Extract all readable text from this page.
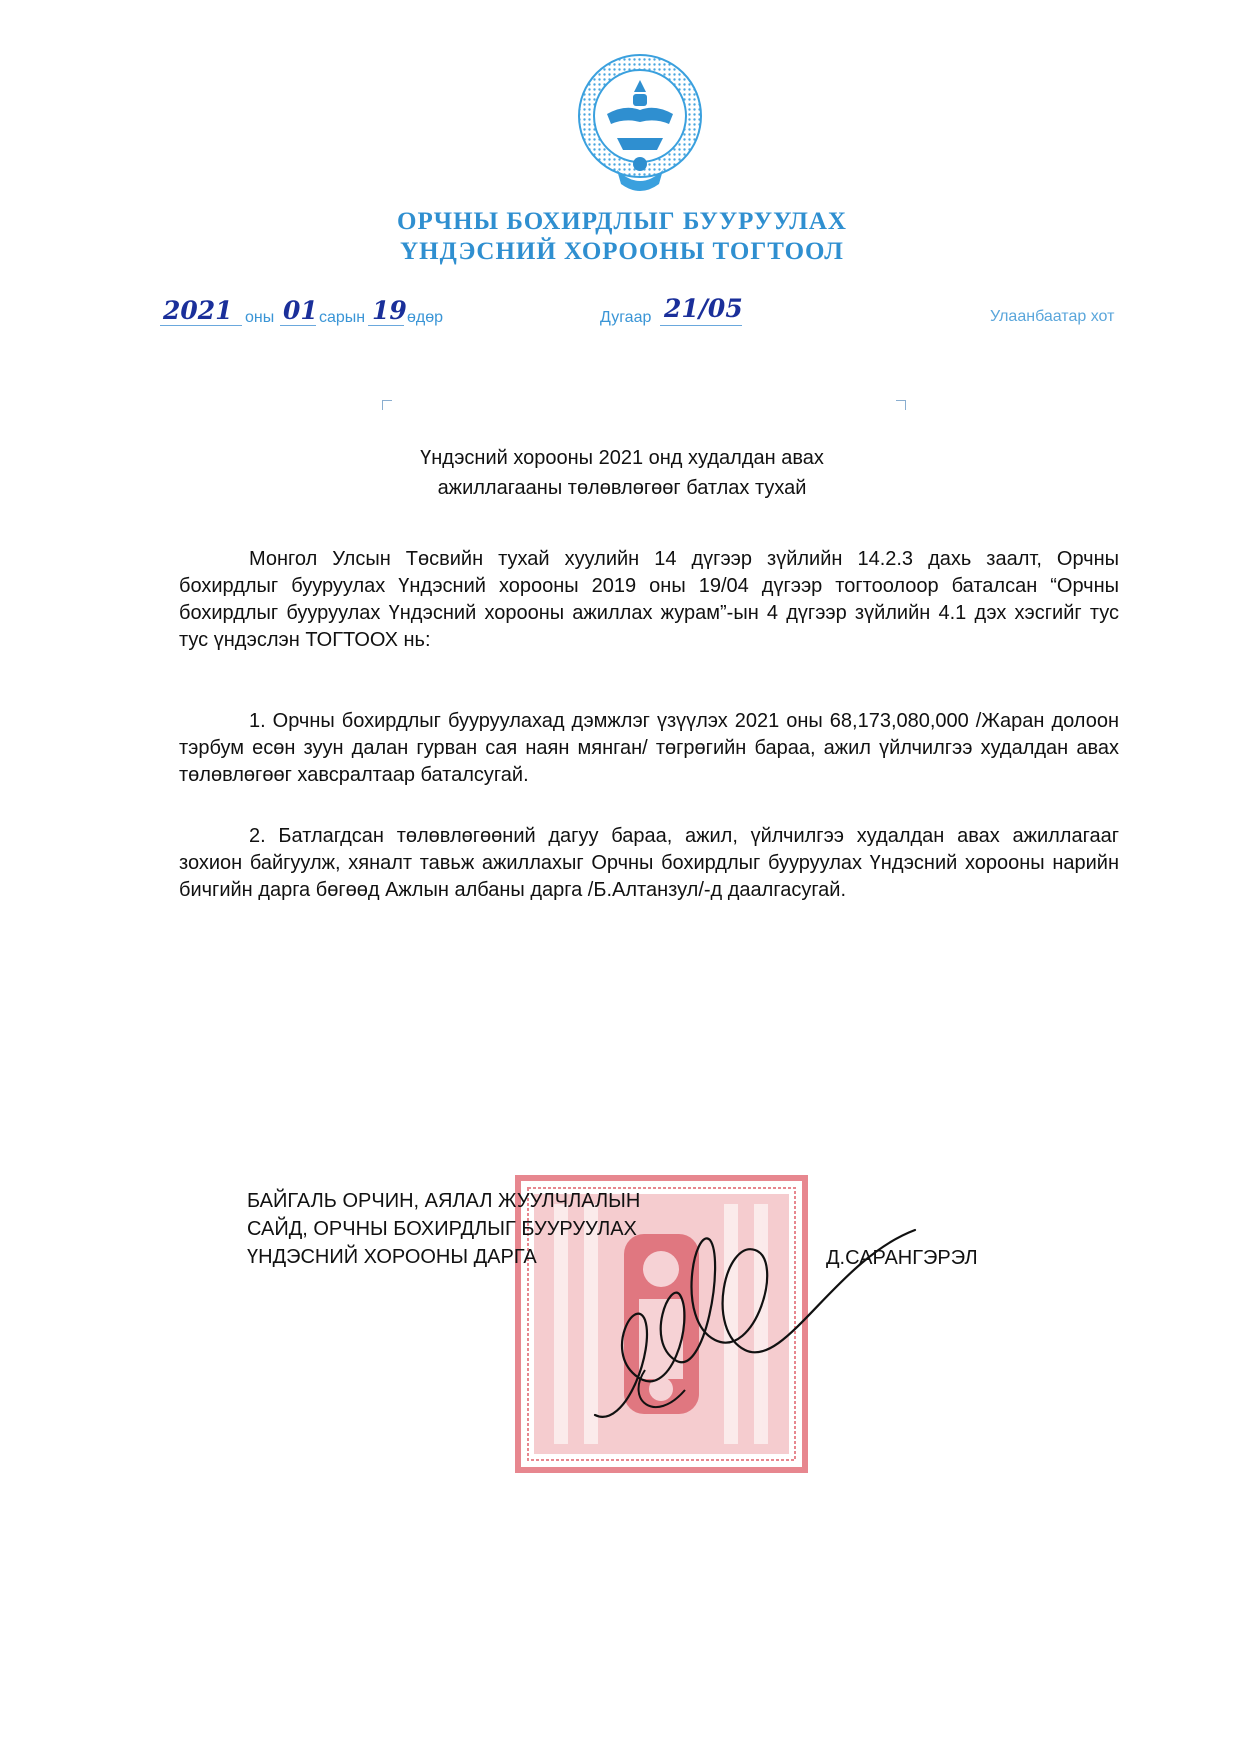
ОРЧНЫ БОХИРДЛЫГ БУУРУУЛАХ
ҮНДЭСНИЙ ХОРООНЫ ТОГТООЛ
2021 оны 01 сарын 19 өдөр	Дугаар 21/05	Улаанбаатар хот
Үндэсний хорооны 2021 онд худалдан авах
ажиллагааны төлөвлөгөөг батлах тухай
Монгол Улсын Төсвийн тухай хуулийн 14 дүгээр зүйлийн 14.2.3 дахь заалт, Орчны бохирдлыг бууруулах Үндэсний хорооны 2019 оны 19/04 дүгээр тогтоолоор баталсан “Орчны бохирдлыг бууруулах Үндэсний хорооны ажиллах журам”-ын 4 дүгээр зүйлийн 4.1 дэх хэсгийг тус тус үндэслэн ТОГТООХ нь:
1. Орчны бохирдлыг бууруулахад дэмжлэг үзүүлэх 2021 оны 68,173,080,000 /Жаран долоон тэрбум есөн зуун далан гурван сая наян мянган/ төгрөгийн бараа, ажил үйлчилгээ худалдан авах төлөвлөгөөг хавсралтаар баталсугай.
2. Батлагдсан төлөвлөгөөний дагуу бараа, ажил, үйлчилгээ худалдан авах ажиллагааг зохион байгуулж, хяналт тавьж ажиллахыг Орчны бохирдлыг бууруулах Үндэсний хорооны нарийн бичгийн дарга бөгөөд Ажлын албаны дарга /Б.Алтанзул/-д даалгасугай.
БАЙГАЛЬ ОРЧИН, АЯЛАЛ ЖУУЛЧЛАЛЫН
САЙД, ОРЧНЫ БОХИРДЛЫГ БУУРУУЛАХ
ҮНДЭСНИЙ ХОРООНЫ ДАРГА	Д.САРАНГЭРЭЛ
